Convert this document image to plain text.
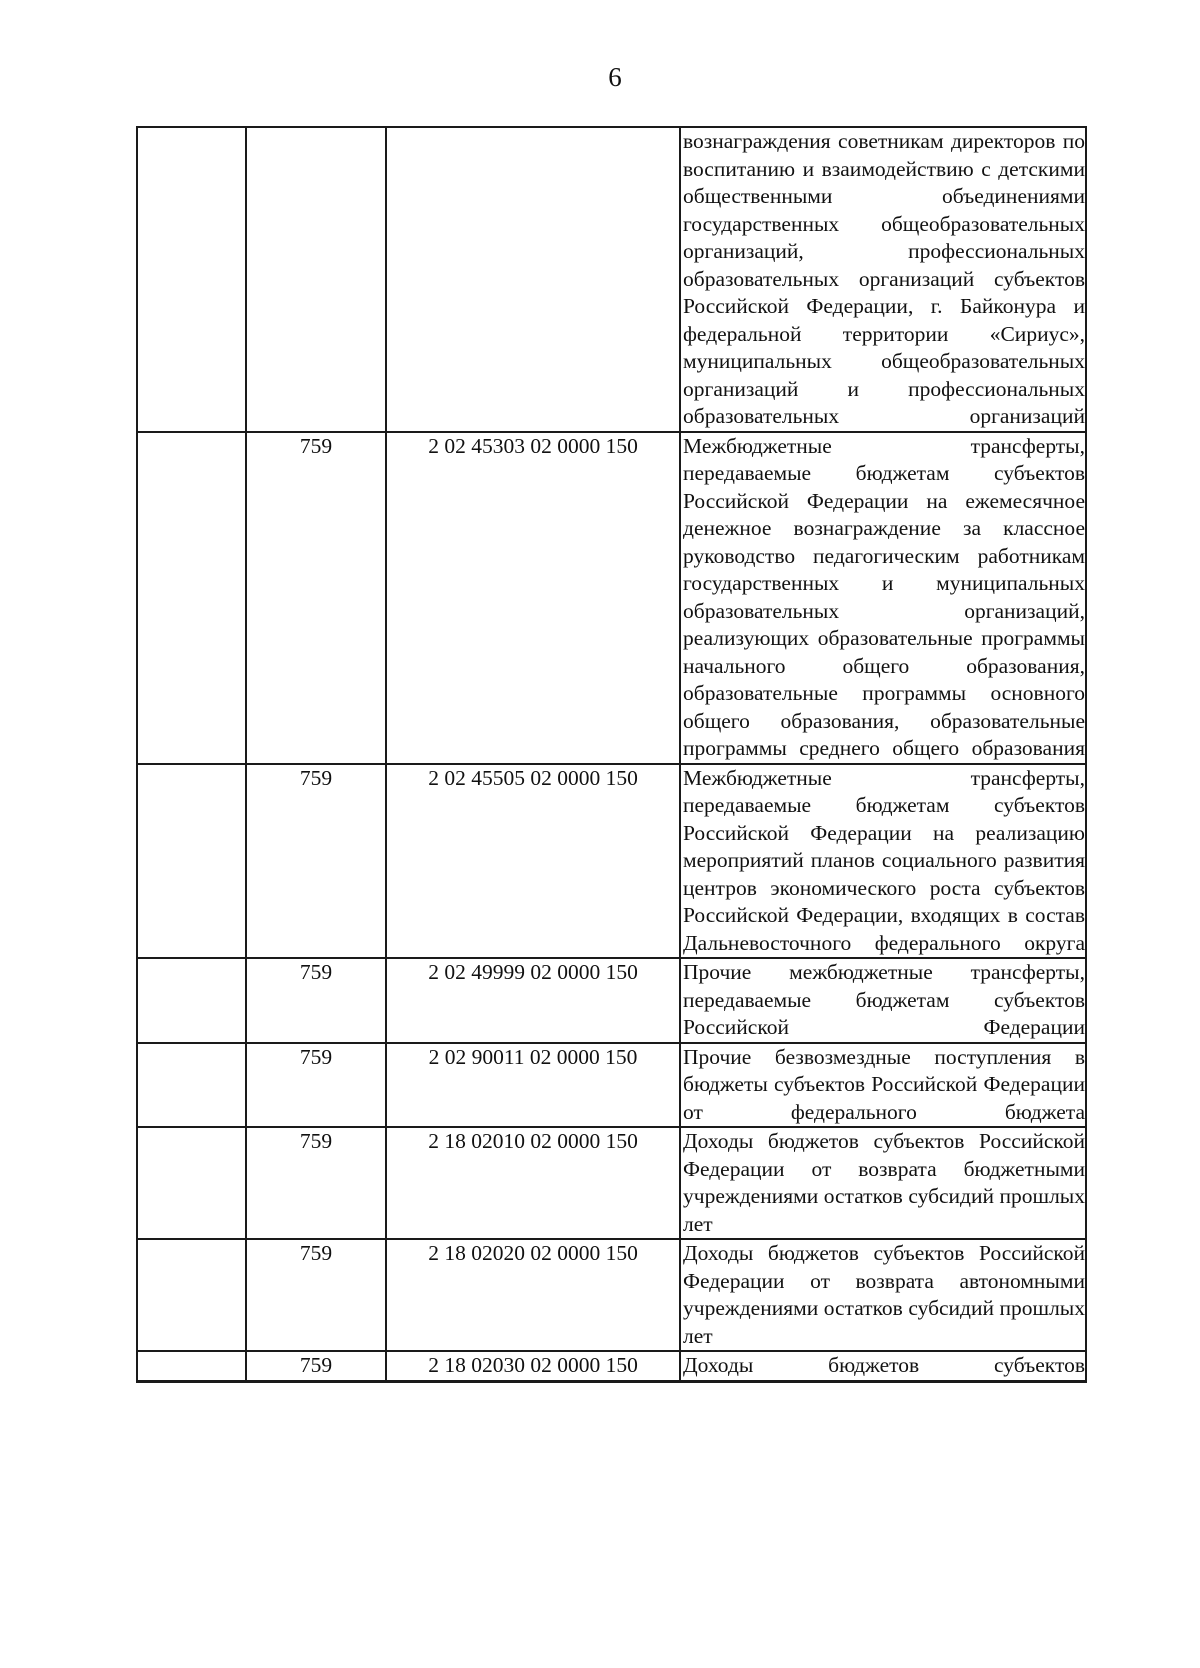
6

			вознаграждения советникам директоров по воспитанию и взаимодействию с детскими общественными объединениями государственных общеобразовательных организаций, профессиональных образовательных организаций субъектов Российской Федерации, г. Байконура и федеральной территории «Сириус», муниципальных общеобразовательных организаций и профессиональных образовательных организаций

	759	2 02 45303 02 0000 150	Межбюджетные трансферты, передаваемые бюджетам субъектов Российской Федерации на ежемесячное денежное вознаграждение за классное руководство педагогическим работникам государственных и муниципальных образовательных организаций, реализующих образовательные программы начального общего образования, образовательные программы основного общего образования, образовательные программы среднего общего образования

	759	2 02 45505 02 0000 150	Межбюджетные трансферты, передаваемые бюджетам субъектов Российской Федерации на реализацию мероприятий планов социального развития центров экономического роста субъектов Российской Федерации, входящих в состав Дальневосточного федерального округа

	759	2 02 49999 02 0000 150	Прочие межбюджетные трансферты, передаваемые бюджетам субъектов Российской Федерации

	759	2 02 90011 02 0000 150	Прочие безвозмездные поступления в бюджеты субъектов Российской Федерации от федерального бюджета

	759	2 18 02010 02 0000 150	Доходы бюджетов субъектов Российской Федерации от возврата бюджетными учреждениями остатков субсидий прошлых лет

	759	2 18 02020 02 0000 150	Доходы бюджетов субъектов Российской Федерации от возврата автономными учреждениями остатков субсидий прошлых лет

	759	2 18 02030 02 0000 150	Доходы бюджетов субъектов
